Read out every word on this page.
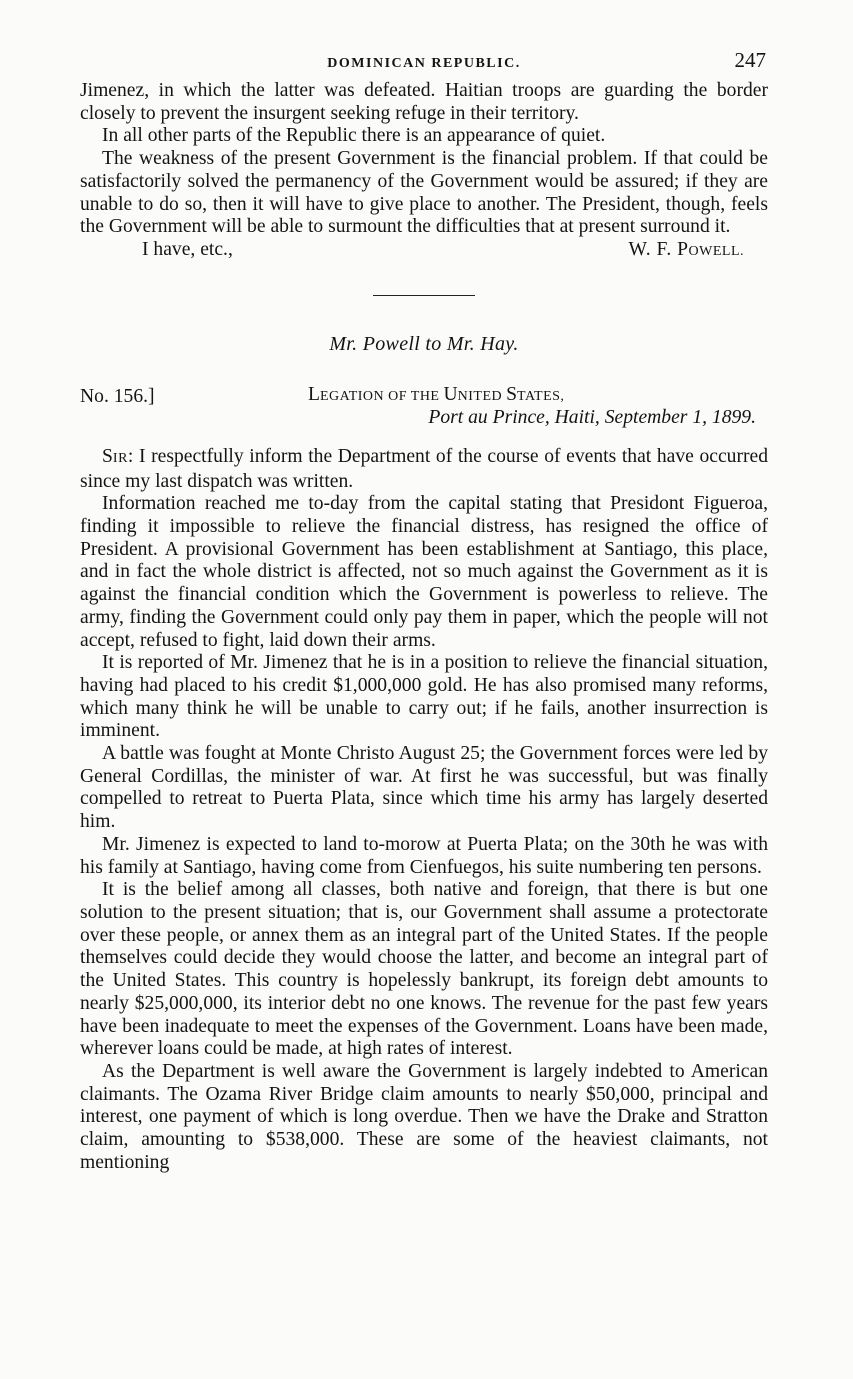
DOMINICAN REPUBLIC.	247

Jimenez, in which the latter was defeated. Haitian troops are guarding the border closely to prevent the insurgent seeking refuge in their territory.

In all other parts of the Republic there is an appearance of quiet.

The weakness of the present Government is the financial problem. If that could be satisfactorily solved the permanency of the Government would be assured; if they are unable to do so, then it will have to give place to another. The President, though, feels the Government will be able to surmount the difficulties that at present surround it.

I have, etc.,	W. F. POWELL.
Mr. Powell to Mr. Hay.
No. 156.]	LEGATION OF THE UNITED STATES,
Port au Prince, Haiti, September 1, 1899.

SIR: I respectfully inform the Department of the course of events that have occurred since my last dispatch was written.

Information reached me to-day from the capital stating that Presidont Figueroa, finding it impossible to relieve the financial distress, has resigned the office of President. A provisional Government has been establishment at Santiago, this place, and in fact the whole district is affected, not so much against the Government as it is against the financial condition which the Government is powerless to relieve. The army, finding the Government could only pay them in paper, which the people will not accept, refused to fight, laid down their arms.

It is reported of Mr. Jimenez that he is in a position to relieve the financial situation, having had placed to his credit $1,000,000 gold. He has also promised many reforms, which many think he will be unable to carry out; if he fails, another insurrection is imminent.

A battle was fought at Monte Christo August 25; the Government forces were led by General Cordillas, the minister of war. At first he was successful, but was finally compelled to retreat to Puerta Plata, since which time his army has largely deserted him.

Mr. Jimenez is expected to land to-morow at Puerta Plata; on the 30th he was with his family at Santiago, having come from Cienfuegos, his suite numbering ten persons.

It is the belief among all classes, both native and foreign, that there is but one solution to the present situation; that is, our Government shall assume a protectorate over these people, or annex them as an integral part of the United States. If the people themselves could decide they would choose the latter, and become an integral part of the United States. This country is hopelessly bankrupt, its foreign debt amounts to nearly $25,000,000, its interior debt no one knows. The revenue for the past few years have been inadequate to meet the expenses of the Government. Loans have been made, wherever loans could be made, at high rates of interest.

As the Department is well aware the Government is largely indebted to American claimants. The Ozama River Bridge claim amounts to nearly $50,000, principal and interest, one payment of which is long overdue. Then we have the Drake and Stratton claim, amounting to $538,000. These are some of the heaviest claimants, not mentioning
